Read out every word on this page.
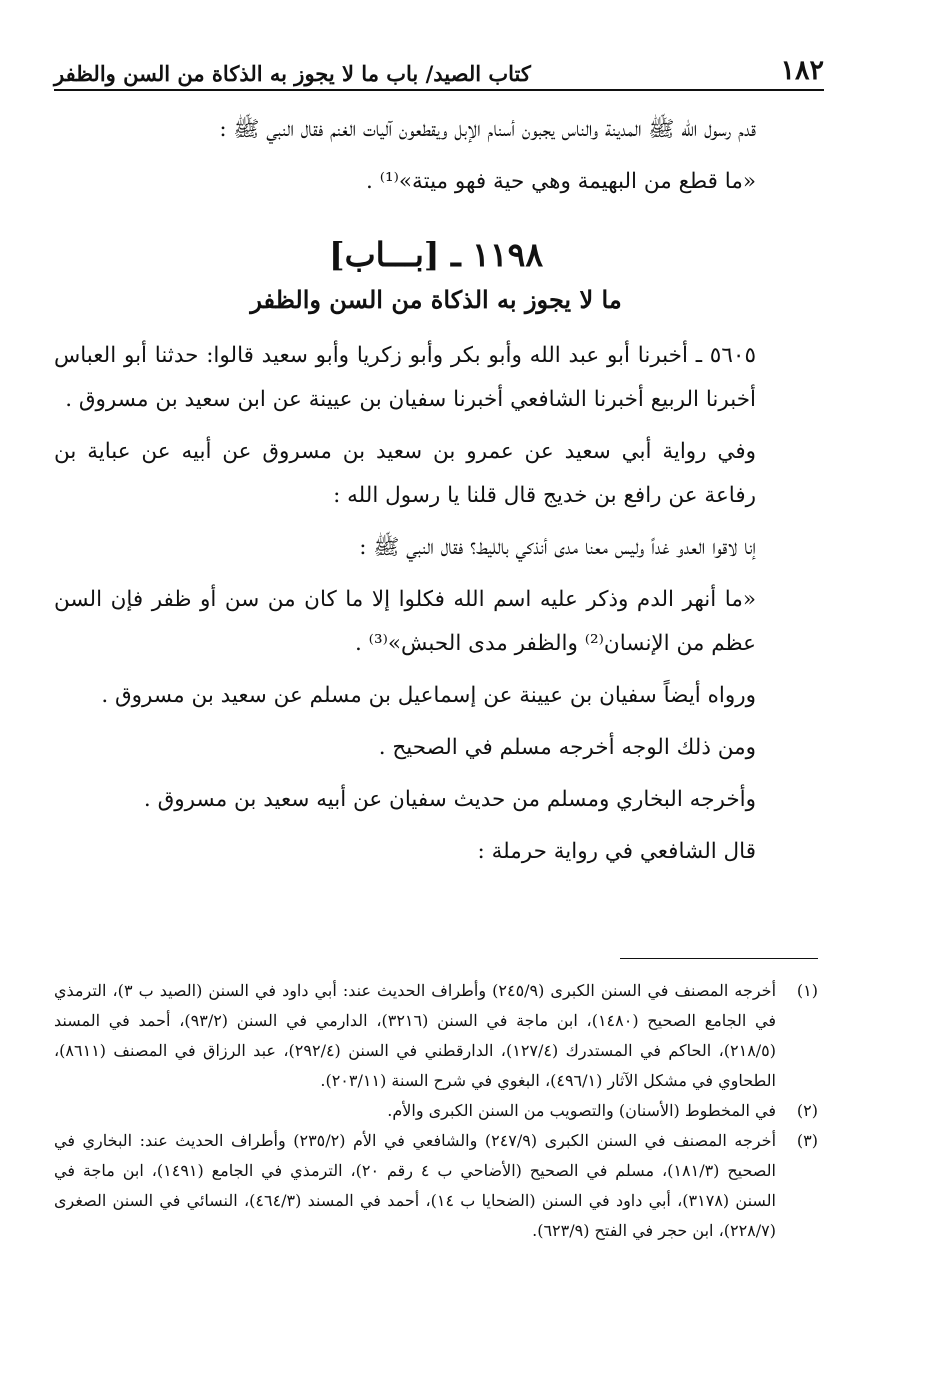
١٨٢
كتاب الصيد/ باب ما لا يجوز به الذكاة من السن والظفر

قدم رسول الله ﷺ المدينة والناس يجبون أسنام الإبل ويقطعون آليات الغنم فقال النبي ﷺ :

«ما قطع من البهيمة وهي حية فهو ميتة»⁽¹⁾ .

١١٩٨ ـ [بـــاب]
ما لا يجوز به الذكاة من السن والظفر

٥٦٠٥ ـ أخبرنا أبو عبد الله وأبو بكر وأبو زكريا وأبو سعيد قالوا: حدثنا أبو العباس أخبرنا الربيع أخبرنا الشافعي أخبرنا سفيان بن عيينة عن ابن سعيد بن مسروق .

وفي رواية أبي سعيد عن عمرو بن سعيد بن مسروق عن أبيه عن عباية بن رفاعة عن رافع بن خديج قال قلنا يا رسول الله :

إنا لاقوا العدو غداً وليس معنا مدى أنذكي بالليط؟ فقال النبي ﷺ :

«ما أنهر الدم وذكر عليه اسم الله فكلوا إلا ما كان من سن أو ظفر فإن السن عظم من الإنسان⁽²⁾ والظفر مدى الحبش»⁽³⁾ .

ورواه أيضاً سفيان بن عيينة عن إسماعيل بن مسلم عن سعيد بن مسروق .

ومن ذلك الوجه أخرجه مسلم في الصحيح .

وأخرجه البخاري ومسلم من حديث سفيان عن أبيه سعيد بن مسروق .

قال الشافعي في رواية حرملة :

(١)
أخرجه المصنف في السنن الكبرى (٢٤٥/٩) وأطراف الحديث عند: أبي داود في السنن (الصيد ب ٣)، الترمذي في الجامع الصحيح (١٤٨٠)، ابن ماجة في السنن (٣٢١٦)، الدارمي في السنن (٩٣/٢)، أحمد في المسند (٢١٨/٥)، الحاكم في المستدرك (١٢٧/٤)، الدارقطني في السنن (٢٩٢/٤)، عبد الرزاق في المصنف (٨٦١١)، الطحاوي في مشكل الآثار (٤٩٦/١)، البغوي في شرح السنة (٢٠٣/١١).

(٢)
في المخطوط (الأسنان) والتصويب من السنن الكبرى والأم.

(٣)
أخرجه المصنف في السنن الكبرى (٢٤٧/٩) والشافعي في الأم (٢٣٥/٢) وأطراف الحديث عند: البخاري في الصحيح (١٨١/٣)، مسلم في الصحيح (الأضاحي ب ٤ رقم ٢٠)، الترمذي في الجامع (١٤٩١)، ابن ماجة في السنن (٣١٧٨)، أبي داود في السنن (الضحايا ب ١٤)، أحمد في المسند (٤٦٤/٣)، النسائي في السنن الصغرى (٢٢٨/٧)، ابن حجر في الفتح (٦٢٣/٩).
